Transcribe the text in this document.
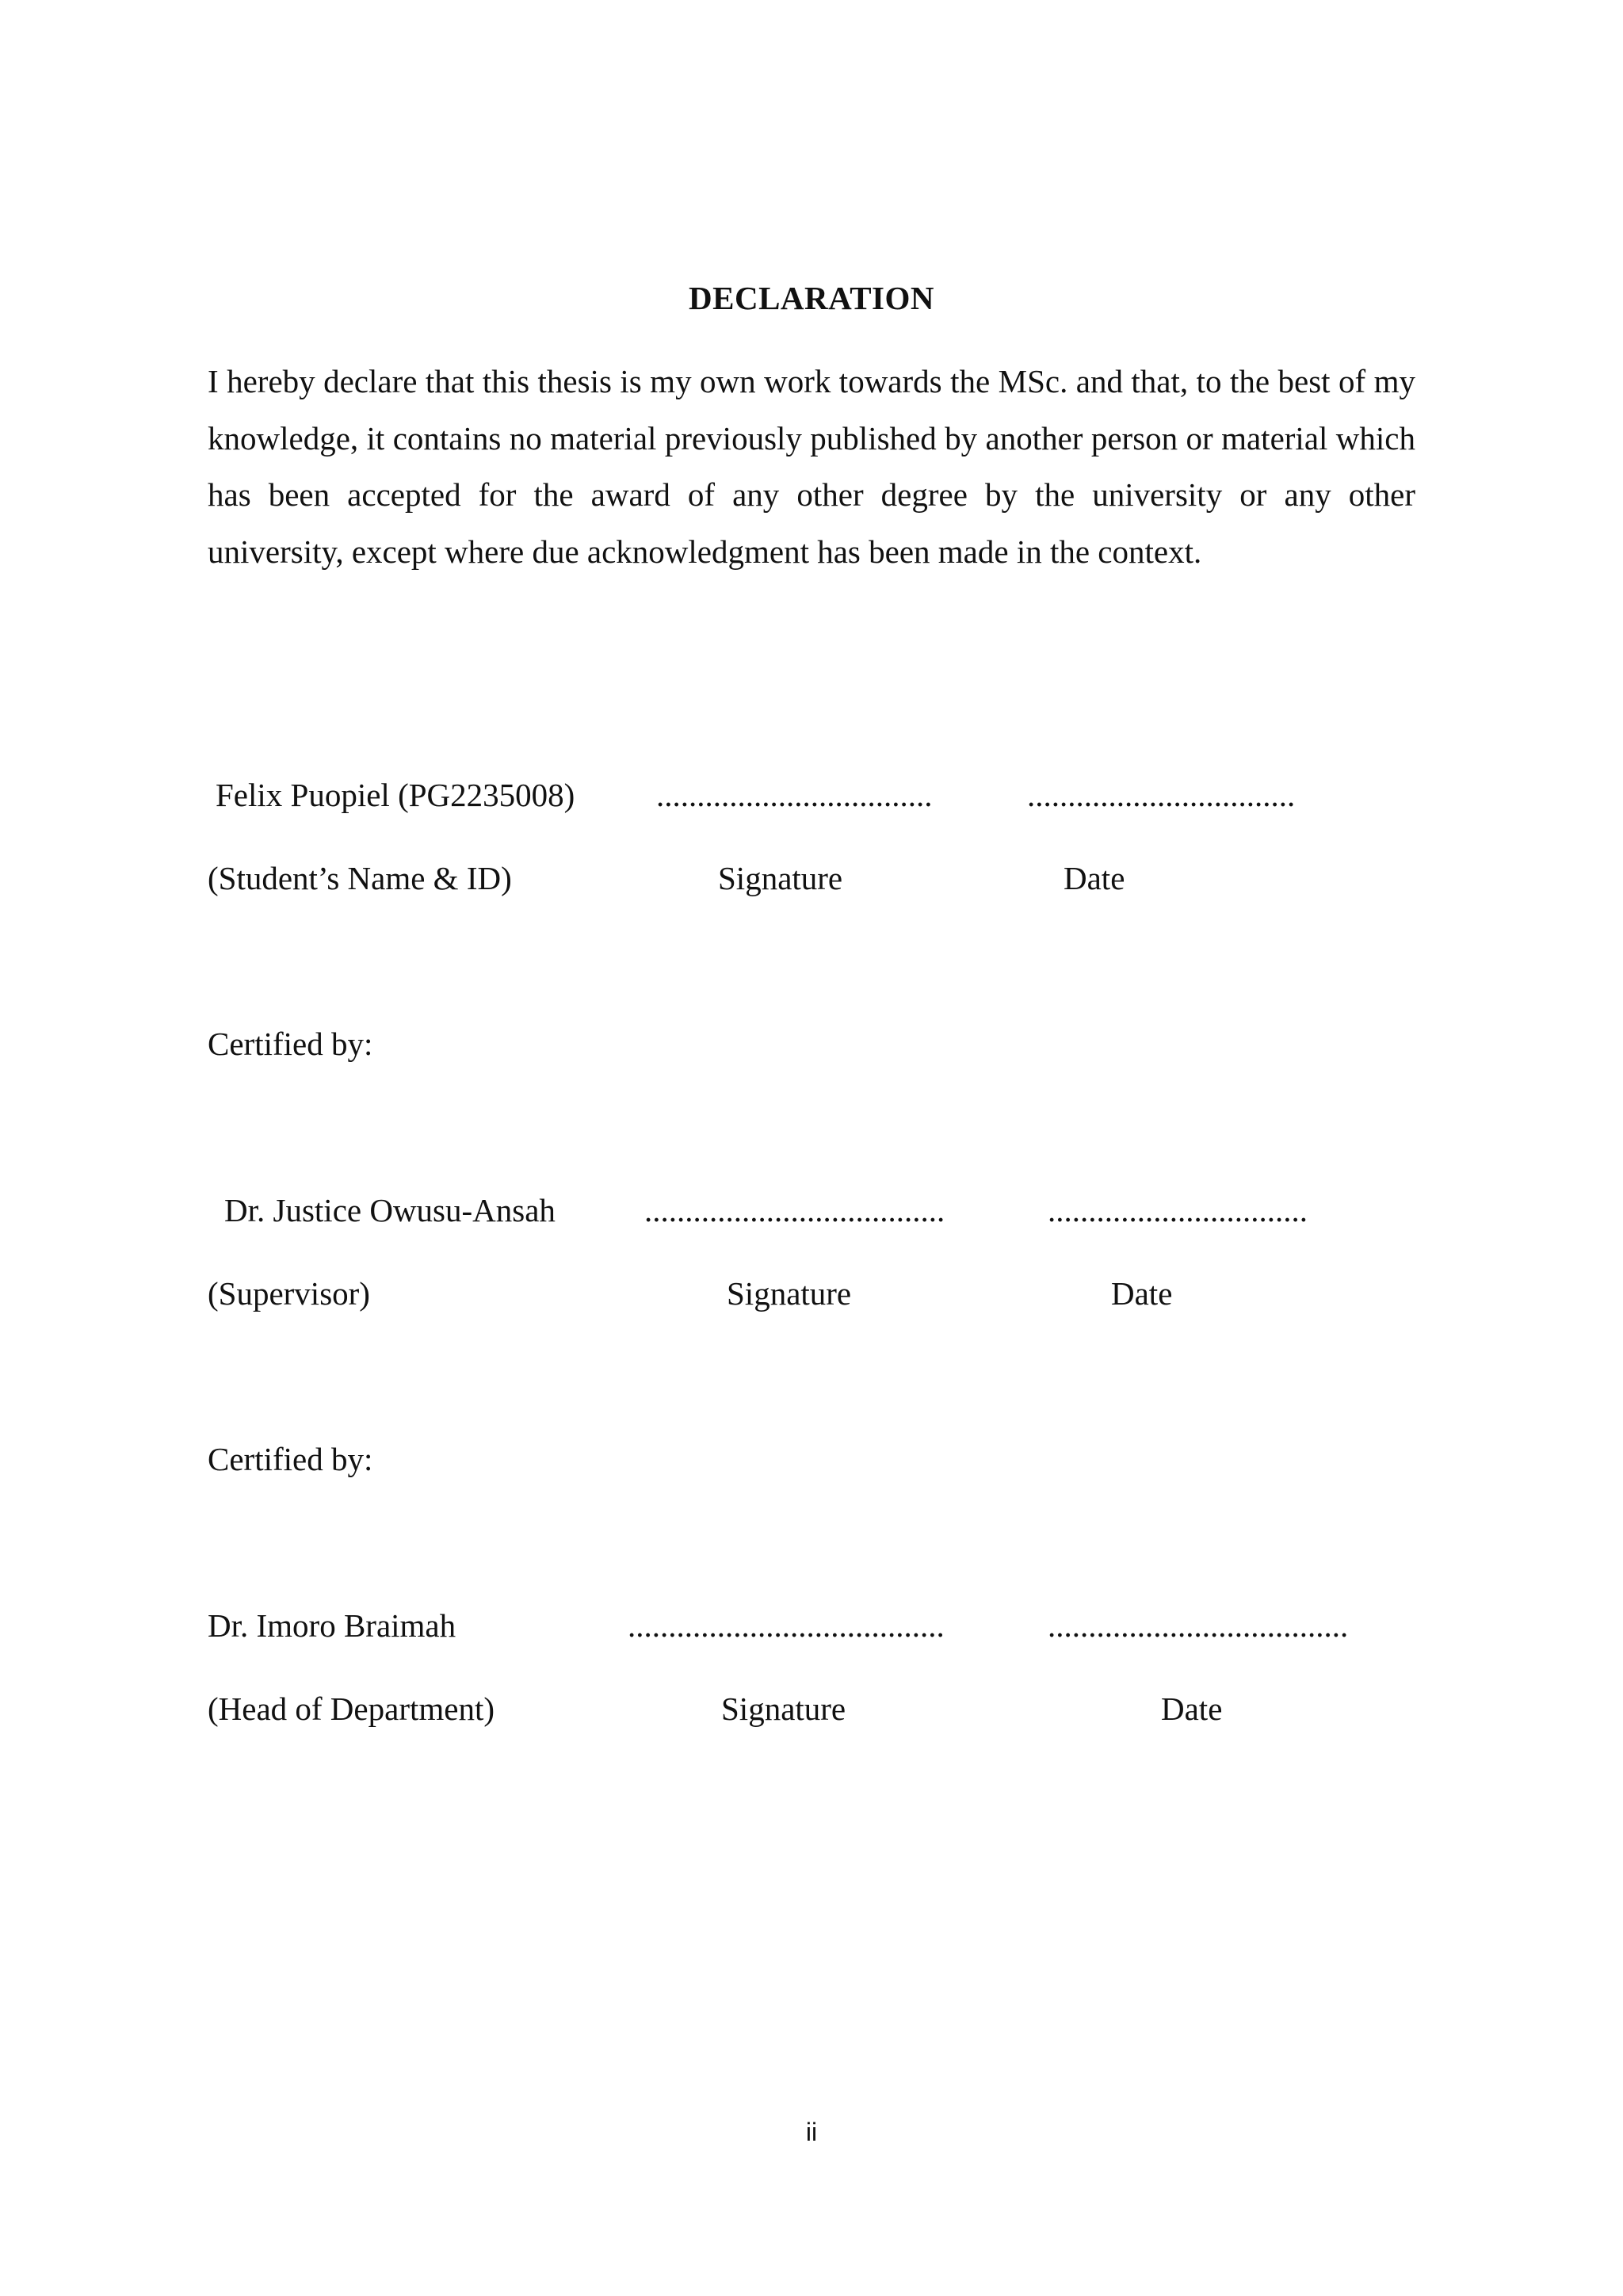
DECLARATION
I hereby declare that this thesis is my own work towards the MSc. and that, to the best of my
knowledge, it contains no material previously published by another person or material which
has been accepted for the award of any other degree by the university or any other
university, except where due acknowledgment has been made in the context.
Felix Puopiel (PG2235008)	..................................	.................................
(Student’s Name & ID)	Signature	Date
Certified by:
Dr. Justice Owusu-Ansah	.....................................	................................
(Supervisor)	Signature	Date
Certified by:
Dr. Imoro Braimah	.......................................	.....................................
(Head of Department)	Signature	Date
ii
